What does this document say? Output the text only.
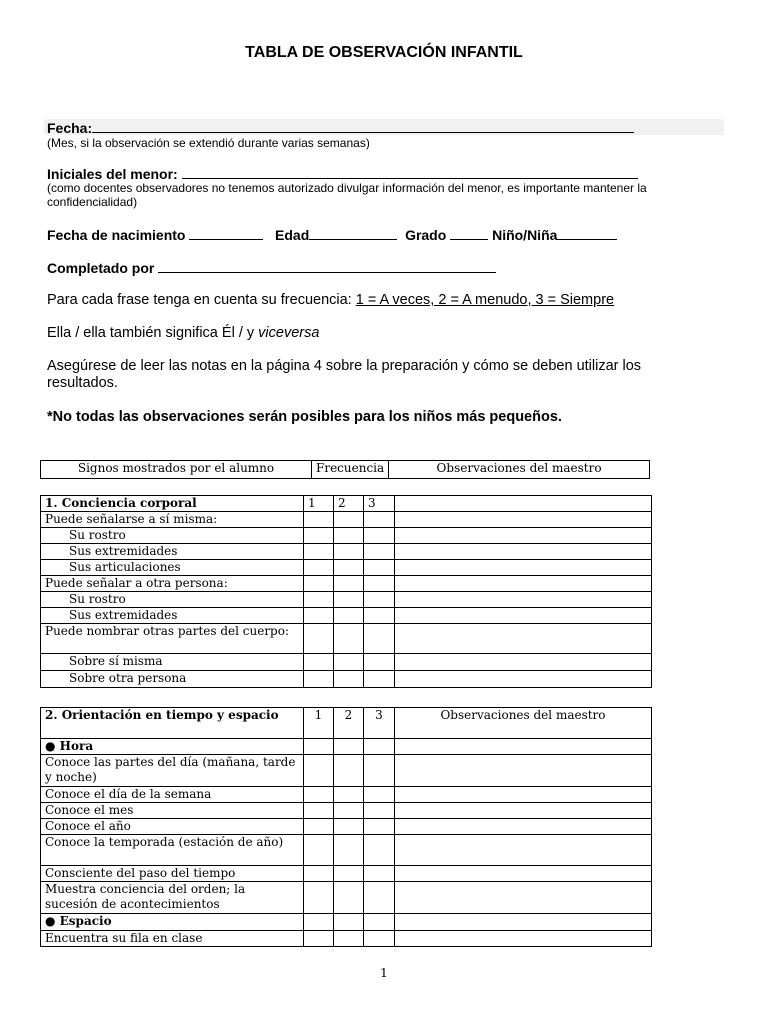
TABLA DE OBSERVACIÓN INFANTIL
Fecha:
(Mes, si la observación se extendió durante varias semanas)
Iniciales del menor:
(como docentes observadores no tenemos autorizado divulgar información del menor, es importante mantener la confidencialidad)
Fecha de nacimiento	Edad	Grado	Niño/Niña
Completado por
Para cada frase tenga en cuenta su frecuencia: 1 = A veces, 2 = A menudo, 3 = Siempre
Ella / ella también significa Él / y viceversa
Asegúrese de leer las notas en la página 4 sobre la preparación y cómo se deben utilizar los resultados.
*No todas las observaciones serán posibles para los niños más pequeños.
Signos mostrados por el alumno	Frecuencia	Observaciones del maestro
1. Conciencia corporal	1	2	3	
Puede señalarse a sí misma:				
Su rostro				
Sus extremidades				
Sus articulaciones				
Puede señalar a otra persona:				
Su rostro				
Sus extremidades				
Puede nombrar otras partes del cuerpo:				
Sobre sí misma				
Sobre otra persona				
2. Orientación en tiempo y espacio	1	2	3	Observaciones del maestro
● Hora				
Conoce las partes del día (mañana, tarde y noche)				
Conoce el día de la semana				
Conoce el mes				
Conoce el año				
Conoce la temporada (estación de año)				
Consciente del paso del tiempo				
Muestra conciencia del orden; la sucesión de acontecimientos				
● Espacio				
Encuentra su fila en clase				
1
